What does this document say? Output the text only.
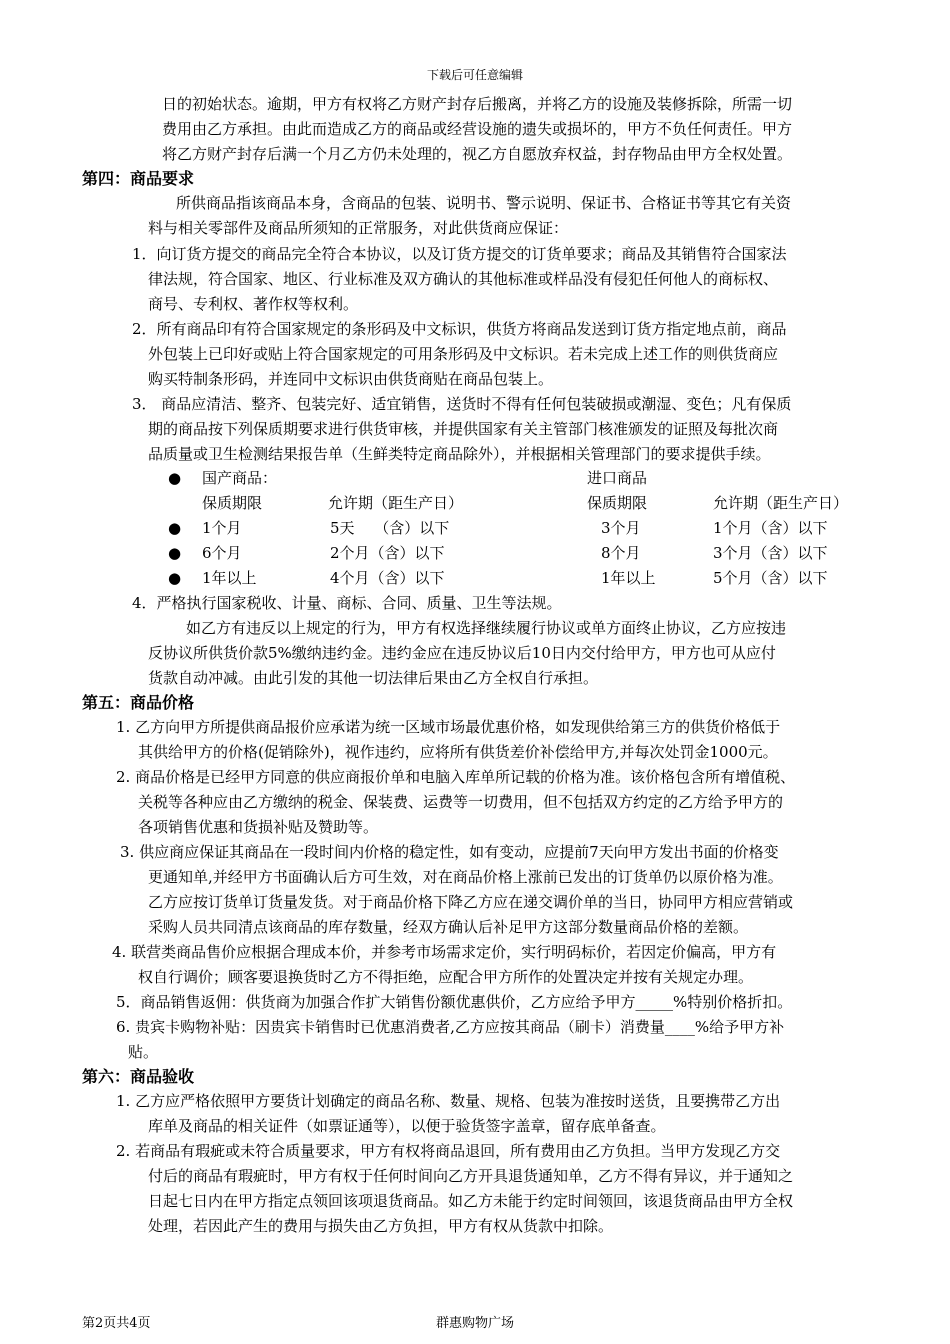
下载后可任意编辑
日的初始状态。逾期，甲方有权将乙方财产封存后搬离，并将乙方的设施及装修拆除，所需一切
费用由乙方承担。由此而造成乙方的商品或经营设施的遗失或损坏的，甲方不负任何责任。甲方
将乙方财产封存后满一个月乙方仍未处理的，视乙方自愿放弃权益，封存物品由甲方全权处置。
第四：商品要求
所供商品指该商品本身，含商品的包装、说明书、警示说明、保证书、合格证书等其它有关资
料与相关零部件及商品所须知的正常服务，对此供货商应保证：
1．向订货方提交的商品完全符合本协议，以及订货方提交的订货单要求；商品及其销售符合国家法
律法规，符合国家、地区、行业标准及双方确认的其他标准或样品没有侵犯任何他人的商标权、
商号、专利权、著作权等权利。
2．所有商品印有符合国家规定的条形码及中文标识，供货方将商品发送到订货方指定地点前，商品
外包装上已印好或贴上符合国家规定的可用条形码及中文标识。若未完成上述工作的则供货商应
购买特制条形码，并连同中文标识由供货商贴在商品包装上。
3． 商品应清洁、整齐、包装完好、适宜销售，送货时不得有任何包装破损或潮湿、变色；凡有保质
期的商品按下列保质期要求进行供货审核，并提供国家有关主管部门核准颁发的证照及每批次商
品质量或卫生检测结果报告单（生鲜类特定商品除外），并根据相关管理部门的要求提供手续。
● 国产商品：	进口商品
保质期限	允许期（距生产日）	保质期限	允许期（距生产日）
● 1个月	5天　 （含）以下	3个月	1个月（含）以下
● 6个月	2个月（含）以下	8个月	3个月（含）以下
● 1年以上	4个月（含）以下	1年以上	5个月（含）以下
4．严格执行国家税收、计量、商标、合同、质量、卫生等法规。
如乙方有违反以上规定的行为，甲方有权选择继续履行协议或单方面终止协议，乙方应按违
反协议所供货价款5%缴纳违约金。违约金应在违反协议后10日内交付给甲方，甲方也可从应付
货款自动冲减。由此引发的其他一切法律后果由乙方全权自行承担。
第五：商品价格
1. 乙方向甲方所提供商品报价应承诺为统一区域市场最优惠价格，如发现供给第三方的供货价格低于
其供给甲方的价格(促销除外)，视作违约，应将所有供货差价补偿给甲方,并每次处罚金1000元。
2. 商品价格是已经甲方同意的供应商报价单和电脑入库单所记载的价格为准。该价格包含所有增值税、
关税等各种应由乙方缴纳的税金、保装费、运费等一切费用，但不包括双方约定的乙方给予甲方的
各项销售优惠和货损补贴及赞助等。
3. 供应商应保证其商品在一段时间内价格的稳定性，如有变动，应提前7天向甲方发出书面的价格变
更通知单,并经甲方书面确认后方可生效，对在商品价格上涨前已发出的订货单仍以原价格为准。
乙方应按订货单订货量发货。对于商品价格下降乙方应在递交调价单的当日，协同甲方相应营销或
采购人员共同清点该商品的库存数量，经双方确认后补足甲方这部分数量商品价格的差额。
4. 联营类商品售价应根据合理成本价，并参考市场需求定价，实行明码标价，若因定价偏高，甲方有
权自行调价；顾客要退换货时乙方不得拒绝，应配合甲方所作的处置决定并按有关规定办理。
5．商品销售返佣：供货商为加强合作扩大销售份额优惠供价，乙方应给予甲方_____%特别价格折扣。
6. 贵宾卡购物补贴：因贵宾卡销售时已优惠消费者,乙方应按其商品（刷卡）消费量____%给予甲方补
贴。
第六：商品验收
1. 乙方应严格依照甲方要货计划确定的商品名称、数量、规格、包装为准按时送货，且要携带乙方出
库单及商品的相关证件（如票证通等），以便于验货签字盖章，留存底单备查。
2. 若商品有瑕疵或未符合质量要求，甲方有权将商品退回，所有费用由乙方负担。当甲方发现乙方交
付后的商品有瑕疵时，甲方有权于任何时间向乙方开具退货通知单，乙方不得有异议，并于通知之
日起七日内在甲方指定点领回该项退货商品。如乙方未能于约定时间领回，该退货商品由甲方全权
处理，若因此产生的费用与损失由乙方负担，甲方有权从货款中扣除。
第2页共4页	群惠购物广场
